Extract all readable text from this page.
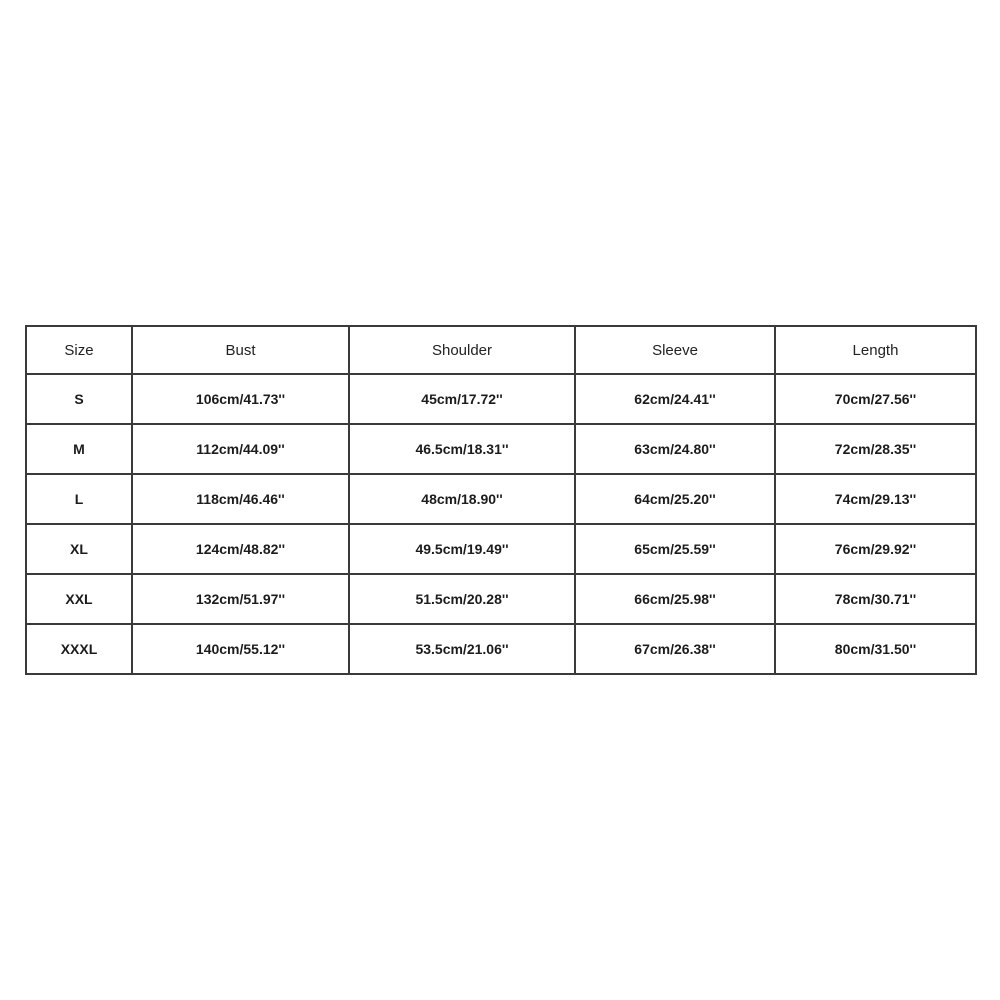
Size	Bust	Shoulder	Sleeve	Length
S	106cm/41.73''	45cm/17.72''	62cm/24.41''	70cm/27.56''
M	112cm/44.09''	46.5cm/18.31''	63cm/24.80''	72cm/28.35''
L	118cm/46.46''	48cm/18.90''	64cm/25.20''	74cm/29.13''
XL	124cm/48.82''	49.5cm/19.49''	65cm/25.59''	76cm/29.92''
XXL	132cm/51.97''	51.5cm/20.28''	66cm/25.98''	78cm/30.71''
XXXL	140cm/55.12''	53.5cm/21.06''	67cm/26.38''	80cm/31.50''
